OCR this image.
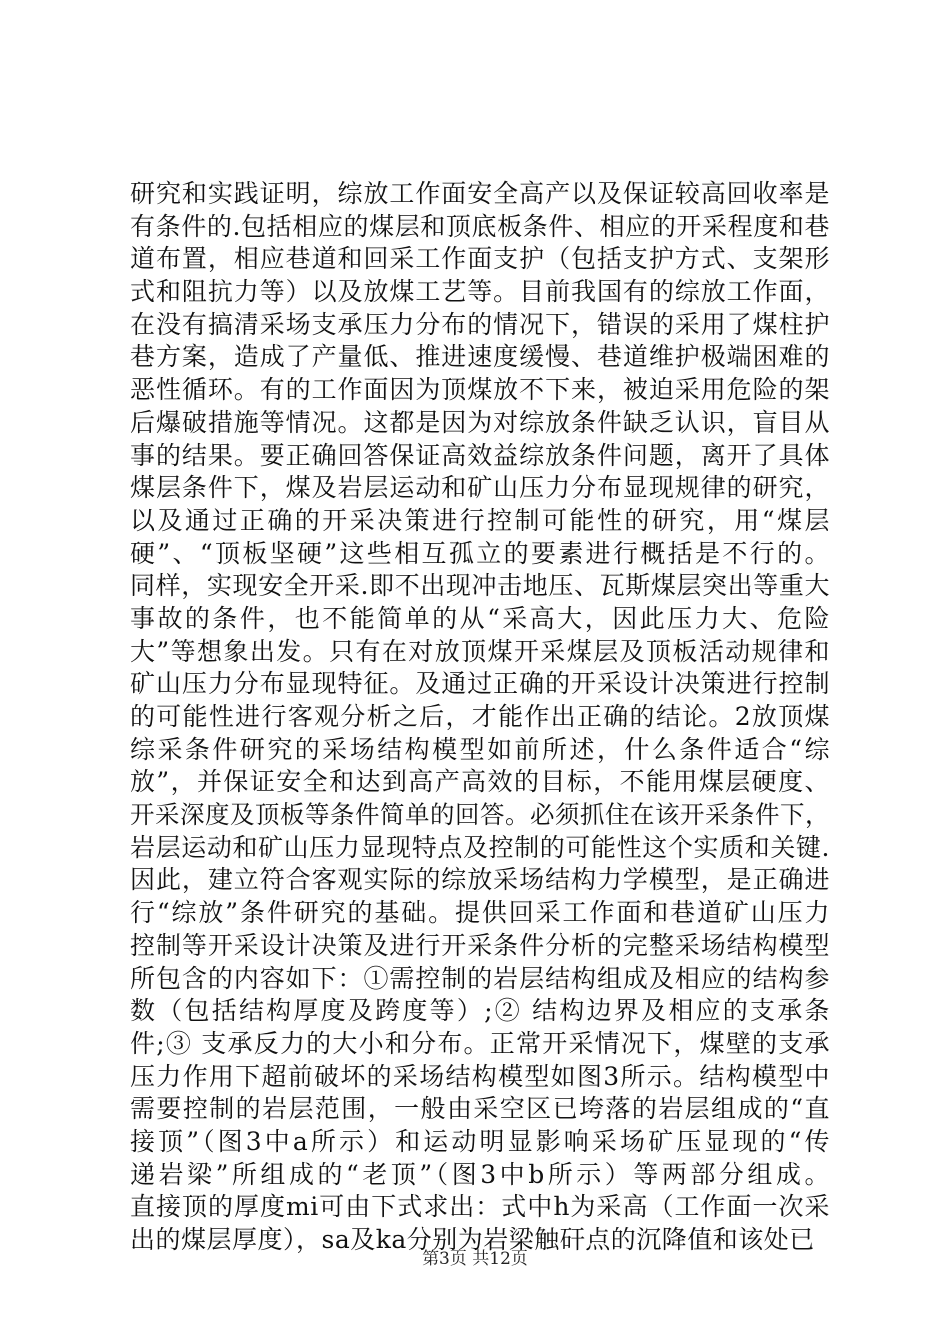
研究和实践证明，综放工作面安全高产以及保证较高回收率是
有条件的.包括相应的煤层和顶底板条件、相应的开采程度和巷
道布置，相应巷道和回采工作面支护（包括支护方式、支架形
式和阻抗力等）以及放煤工艺等。目前我国有的综放工作面，
在没有搞清采场支承压力分布的情况下，错误的采用了煤柱护
巷方案，造成了产量低、推进速度缓慢、巷道维护极端困难的
恶性循环。有的工作面因为顶煤放不下来，被迫采用危险的架
后爆破措施等情况。这都是因为对综放条件缺乏认识，盲目从
事的结果。要正确回答保证高效益综放条件问题，离开了具体
煤层条件下，煤及岩层运动和矿山压力分布显现规律的研究，
以及通过正确的开采决策进行控制可能性的研究，用“煤层
硬”、“顶板坚硬”这些相互孤立的要素进行概括是不行的。
同样，实现安全开采.即不出现冲击地压、瓦斯煤层突出等重大
事故的条件，也不能简单的从“采高大，因此压力大、危险
大”等想象出发。只有在对放顶煤开采煤层及顶板活动规律和
矿山压力分布显现特征。及通过正确的开采设计决策进行控制
的可能性进行客观分析之后，才能作出正确的结论。2放顶煤
综采条件研究的采场结构模型如前所述，什么条件适合“综
放”，并保证安全和达到高产高效的目标，不能用煤层硬度、
开采深度及顶板等条件简单的回答。必须抓住在该开采条件下，
岩层运动和矿山压力显现特点及控制的可能性这个实质和关键.
因此，建立符合客观实际的综放采场结构力学模型，是正确进
行“综放”条件研究的基础。提供回采工作面和巷道矿山压力
控制等开采设计决策及进行开采条件分析的完整采场结构模型
所包含的内容如下：①需控制的岩层结构组成及相应的结构参
数（包括结构厚度及跨度等）;② 结构边界及相应的支承条
件;③ 支承反力的大小和分布。正常开采情况下，煤壁的支承
压力作用下超前破坏的采场结构模型如图3所示。结构模型中
需要控制的岩层范围，一般由采空区已垮落的岩层组成的“直
接顶”（图3中a所示）和运动明显影响采场矿压显现的“传
递岩梁”所组成的“老顶”（图3中b所示）等两部分组成。
直接顶的厚度mi可由下式求出：式中h为采高（工作面一次采
出的煤层厚度），sa及ka分别为岩梁触矸点的沉降值和该处已
第3页 共12页
